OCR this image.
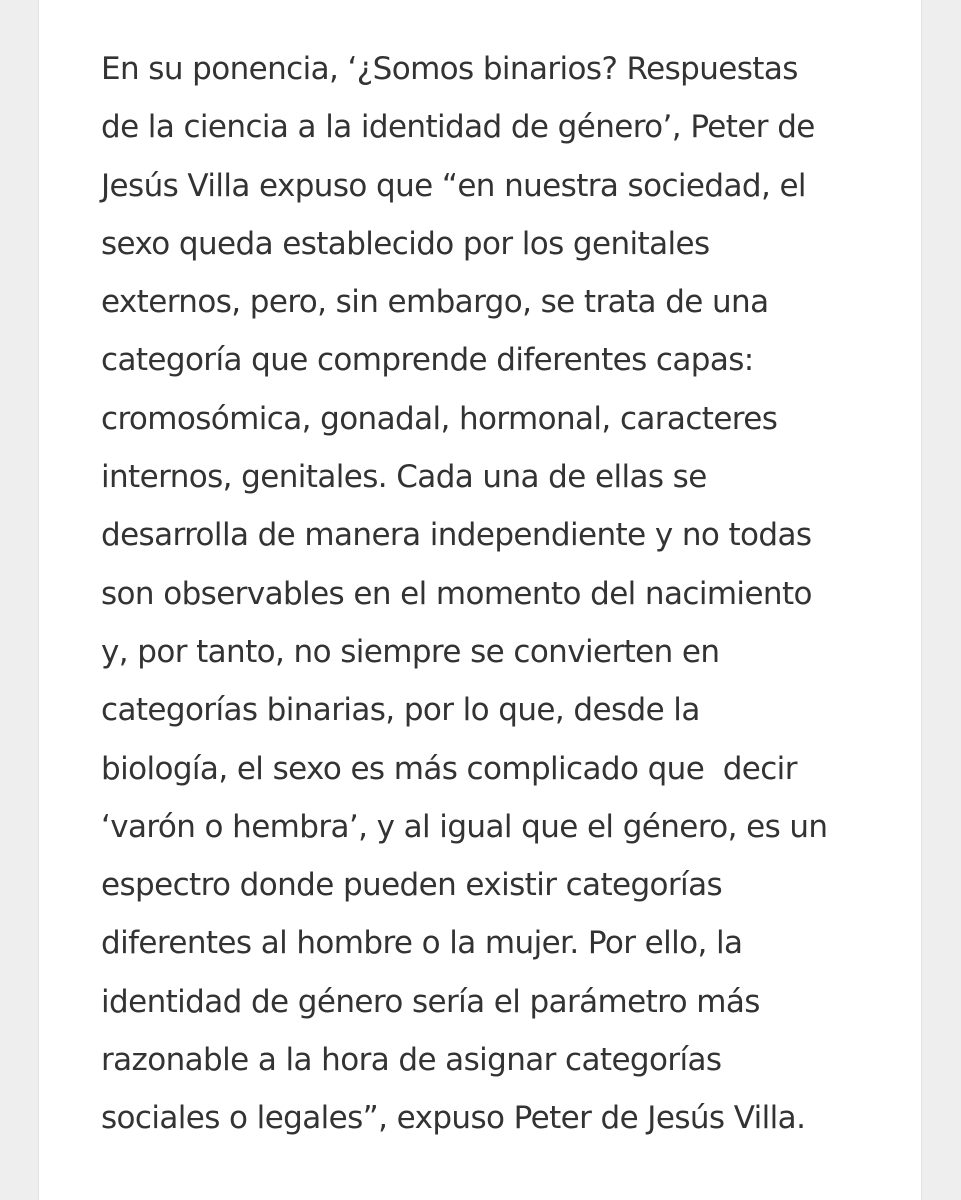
En su ponencia, ‘¿Somos binarios? Respuestas
de la ciencia a la identidad de género’, Peter de
Jesús Villa expuso que “en nuestra sociedad, el
sexo queda establecido por los genitales
externos, pero, sin embargo, se trata de una
categoría que comprende diferentes capas:
cromosómica, gonadal, hormonal, caracteres
internos, genitales. Cada una de ellas se
desarrolla de manera independiente y no todas
son observables en el momento del nacimiento
y, por tanto, no siempre se convierten en
categorías binarias, por lo que, desde la
biología, el sexo es más complicado que  decir
‘varón o hembra’, y al igual que el género, es un
espectro donde pueden existir categorías
diferentes al hombre o la mujer. Por ello, la
identidad de género sería el parámetro más
razonable a la hora de asignar categorías
sociales o legales”, expuso Peter de Jesús Villa.
